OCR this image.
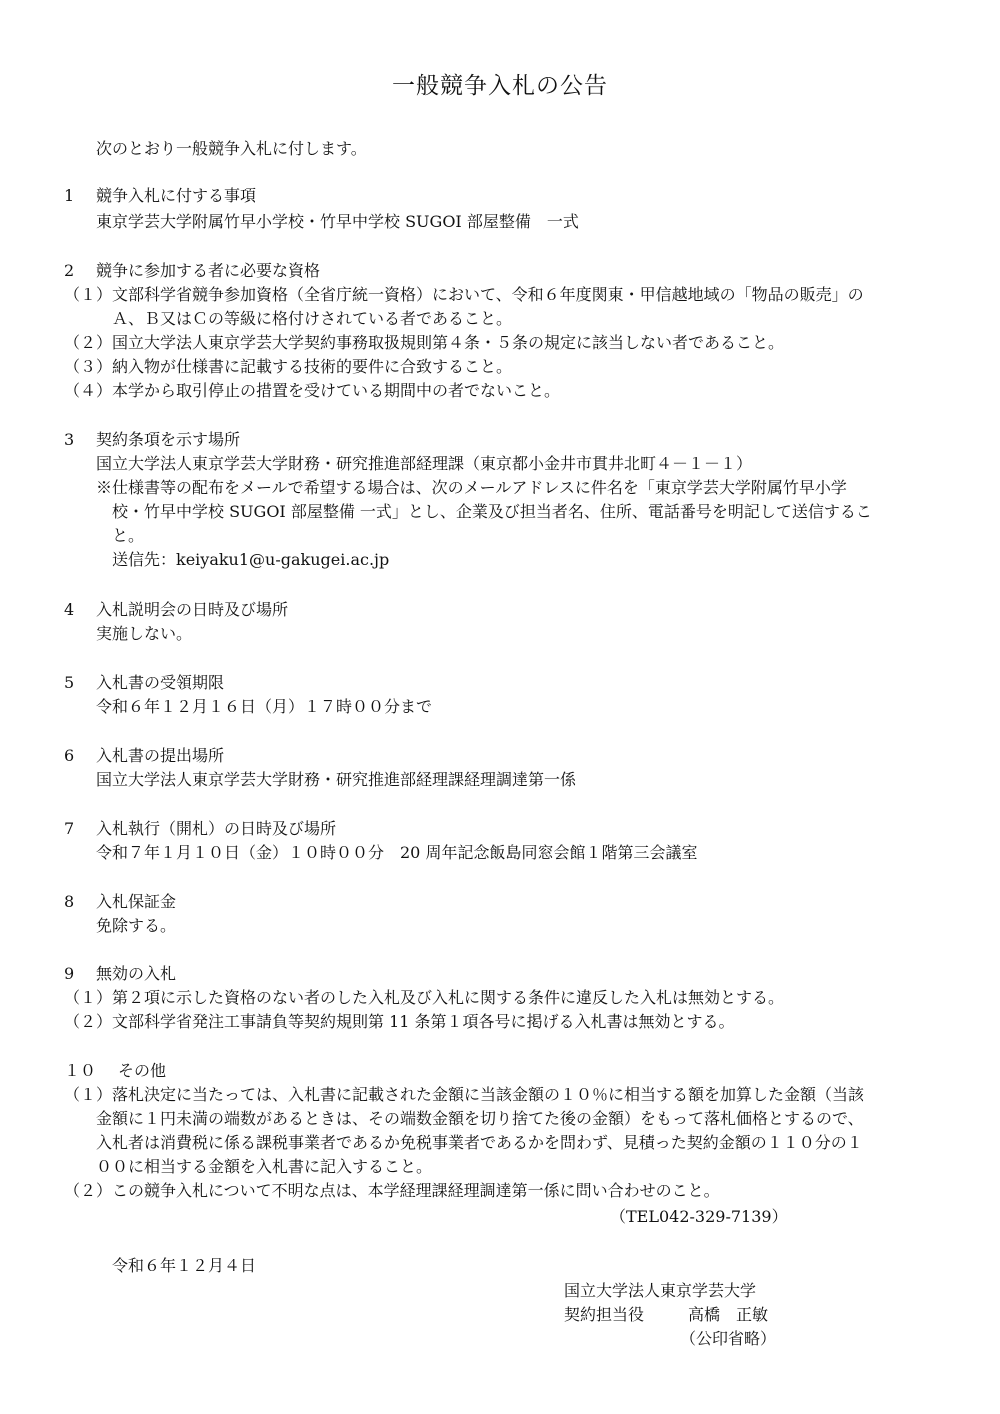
一般競争入札の公告
次のとおり一般競争入札に付します。
1 競争入札に付する事項
東京学芸大学附属竹早小学校・竹早中学校 SUGOI 部屋整備　一式
2 競争に参加する者に必要な資格
（１） 文部科学省競争参加資格（全省庁統一資格）において、令和６年度関東・甲信越地域の「物品の販売」の
Ａ、Ｂ又はＣの等級に格付けされている者であること。
（２） 国立大学法人東京学芸大学契約事務取扱規則第４条・５条の規定に該当しない者であること。
（３） 納入物が仕様書に記載する技術的要件に合致すること。
（４） 本学から取引停止の措置を受けている期間中の者でないこと。
3 契約条項を示す場所
国立大学法人東京学芸大学財務・研究推進部経理課（東京都小金井市貫井北町４－１－１）
※仕様書等の配布をメールで希望する場合は、次のメールアドレスに件名を「東京学芸大学附属竹早小学
校・竹早中学校 SUGOI 部屋整備 一式」とし、企業及び担当者名、住所、電話番号を明記して送信するこ
と。
送信先：keiyaku1@u-gakugei.ac.jp
4 入札説明会の日時及び場所
実施しない。
5 入札書の受領期限
令和６年１２月１６日（月）１７時００分まで
6 入札書の提出場所
国立大学法人東京学芸大学財務・研究推進部経理課経理調達第一係
7 入札執行（開札）の日時及び場所
令和７年１月１０日（金）１０時００分　20 周年記念飯島同窓会館１階第三会議室
8 入札保証金
免除する。
9 無効の入札
（１） 第２項に示した資格のない者のした入札及び入札に関する条件に違反した入札は無効とする。
（２） 文部科学省発注工事請負等契約規則第 11 条第１項各号に掲げる入札書は無効とする。
１０ その他
（１） 落札決定に当たっては、入札書に記載された金額に当該金額の１０％に相当する額を加算した金額（当該
金額に１円未満の端数があるときは、その端数金額を切り捨てた後の金額）をもって落札価格とするので、
入札者は消費税に係る課税事業者であるか免税事業者であるかを問わず、見積った契約金額の１１０分の１
００に相当する金額を入札書に記入すること。
（２） この競争入札について不明な点は、本学経理課経理調達第一係に問い合わせのこと。
（TEL042-329-7139）
令和６年１２月４日
国立大学法人東京学芸大学
契約担当役	高橋　正敏
（公印省略）
